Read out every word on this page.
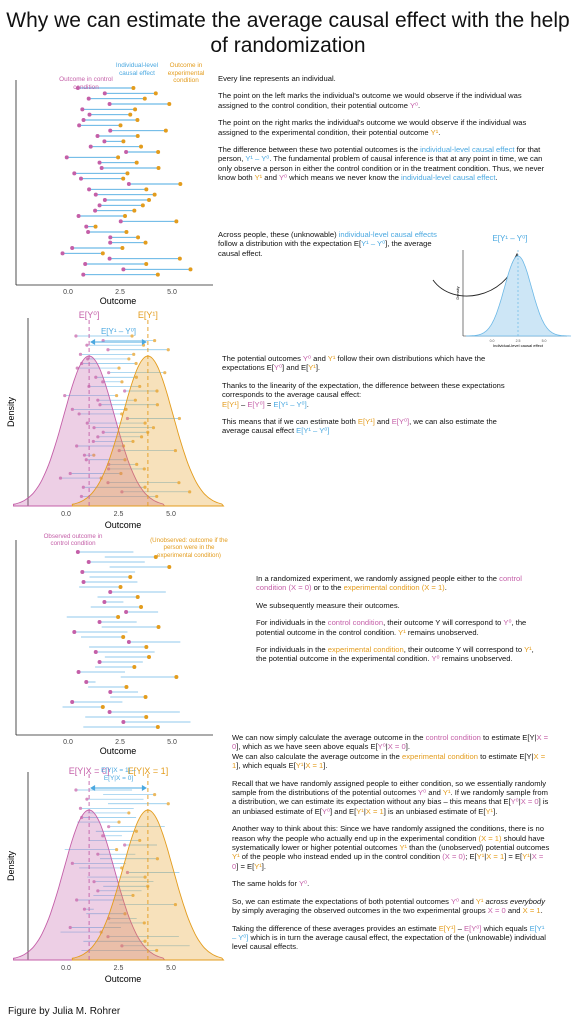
Why we can estimate the average causal effect with the help of randomization
0.0	2.5	5.0
Outcome
Outcome in control condition
Individual-level causal effect
Outcome in experimental condition	Every line represents an individual.

The point on the left marks the individual's outcome we would observe if the individual was assigned to the control condition, their potential outcome Y⁰.

The point on the right marks the individual's outcome we would observe if the individual was assigned to the experimental condition, their potential outcome Y¹.

The difference between these two potential outcomes is the individual-level causal effect for that person, Y¹ – Y⁰. The fundamental problem of causal inference is that at any point in time, we can only observe a person in either the control condition or in the treatment condition. Thus, we never know both Y¹ and Y⁰ which means we never know the individual-level causal effect.

Across people, these (unknowable) individual-level causal effects follow a distribution with the expectation E[Y¹ – Y⁰], the average causal effect.

E[Y¹ – Y⁰]
Density
0.0	2.5	5.0
Individual-level causal effect
E[Y⁰]	E[Y¹]
E[Y¹ – Y⁰]
0.0	2.5	5.0
Density
Outcome

The potential outcomes Y⁰ and Y¹ follow their own distributions which have the expectations E[Y⁰] and E[Y¹].

Thanks to the linearity of the expectation, the difference between these expectations corresponds to the average causal effect:
E[Y¹] – E[Y⁰] = E[Y¹ – Y⁰].

This means that if we can estimate both E[Y¹] and E[Y⁰], we can also estimate the average causal effect E[Y¹ – Y⁰]

0.0	2.5	5.0
Outcome
Observed outcome in control condition	(Unobserved: outcome if the person were in the experimental condition)

In a randomized experiment, we randomly assigned people either to the control condition (X = 0) or to the experimental condition (X = 1).

We subsequently measure their outcomes.

For individuals in the control condition, their outcome Y will correspond to Y⁰, the potential outcome in the control condition. Y¹ remains unobserved.

For individuals in the experimental condition, their outcome Y will correspond to Y¹, the potential outcome in the experimental condition. Y⁰ remains unobserved.

E[Y|X = 0] E[Y|X = 1]
E[Y|X = 1] –
E[Y|X = 0]
0.0	2.5	5.0
Density
Outcome

We can now simply calculate the average outcome in the control condition to estimate E[Y|X = 0], which as we have seen above equals E[Y⁰|X = 0].
We can also calculate the average outcome in the experimental condition to estimate E[Y|X = 1], which equals E[Y¹|X = 1].

Recall that we have randomly assigned people to either condition, so we essentially randomly sample from the distributions of the potential outcomes Y⁰ and Y¹. If we randomly sample from a distribution, we can estimate its expectation without any bias – this means that E[Y⁰|X = 0] is an unbiased estimate of E[Y⁰] and E[Y¹|X = 1] is an unbiased estimate of E[Y¹].

Another way to think about this: Since we have randomly assigned the conditions, there is no reason why the people who actually end up in the experimental condition (X = 1) should have systematically lower or higher potential outcomes Y¹ than the (unobserved) potential outcomes Y¹ of the people who instead ended up in the control condition (X = 0); E[Y¹|X = 1] = E[Y¹|X = 0] = E[Y¹].

The same holds for Y⁰.

So, we can estimate the expectations of both potential outcomes Y⁰ and Y¹ across everybody by simply averaging the observed outcomes in the two experimental groups X = 0 and X = 1.

Taking the difference of these averages provides an estimate E[Y¹] – E[Y⁰] which equals E[Y¹ – Y⁰] which is in turn the average causal effect, the expectation of the (unknowable) individual level causal effects.

Figure by Julia M. Rohrer
